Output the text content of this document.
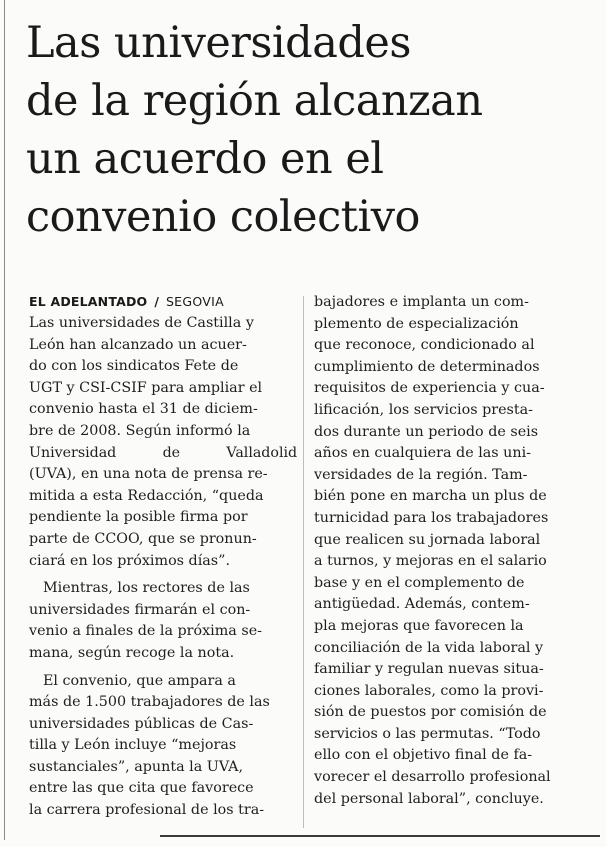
Las universidades
de la región alcanzan
un acuerdo en el
convenio colectivo
EL ADELANTADO / SEGOVIA
Las universidades de Castilla y
León han alcanzado un acuer-
do con los sindicatos Fete de
UGT y CSI-CSIF para ampliar el
convenio hasta el 31 de diciem-
bre de 2008. Según informó la
Universidad de Valladolid
(UVA), en una nota de prensa re-
mitida a esta Redacción, “queda
pendiente la posible firma por
parte de CCOO, que se pronun-
ciará en los próximos días”.
Mientras, los rectores de las
universidades firmarán el con-
venio a finales de la próxima se-
mana, según recoge la nota.
El convenio, que ampara a
más de 1.500 trabajadores de las
universidades públicas de Cas-
tilla y León incluye “mejoras
sustanciales”, apunta la UVA,
entre las que cita que favorece
la carrera profesional de los tra-
bajadores e implanta un com-
plemento de especialización
que reconoce, condicionado al
cumplimiento de determinados
requisitos de experiencia y cua-
lificación, los servicios presta-
dos durante un periodo de seis
años en cualquiera de las uni-
versidades de la región. Tam-
bién pone en marcha un plus de
turnicidad para los trabajadores
que realicen su jornada laboral
a turnos, y mejoras en el salario
base y en el complemento de
antigüedad. Además, contem-
pla mejoras que favorecen la
conciliación de la vida laboral y
familiar y regulan nuevas situa-
ciones laborales, como la provi-
sión de puestos por comisión de
servicios o las permutas. “Todo
ello con el objetivo final de fa-
vorecer el desarrollo profesional
del personal laboral”, concluye.
